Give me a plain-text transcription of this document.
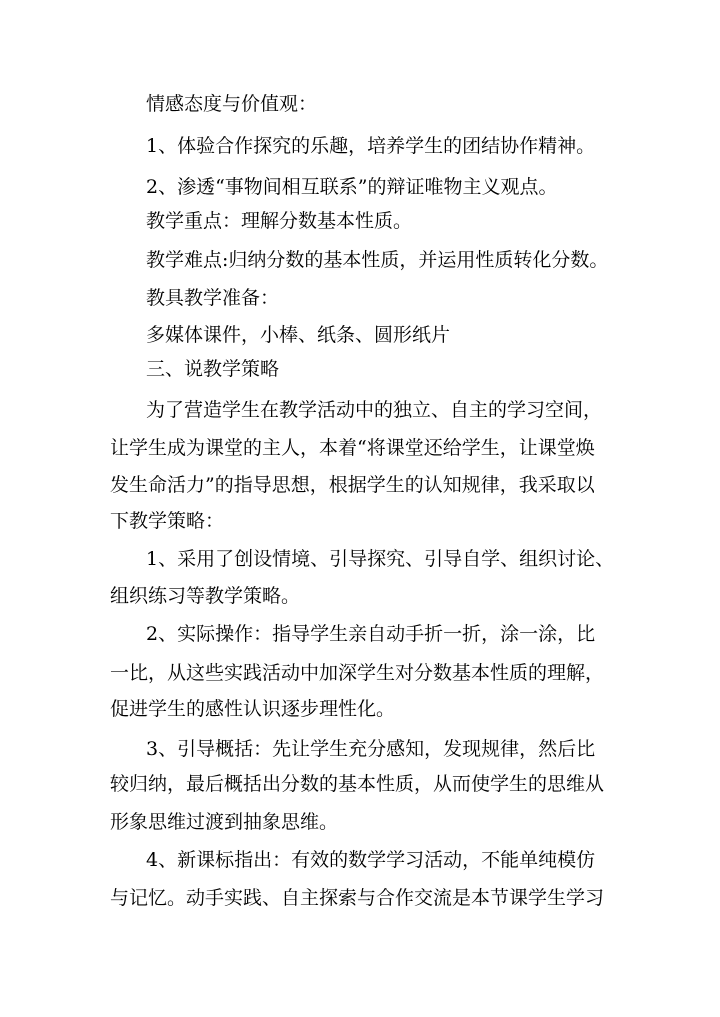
情感态度与价值观：
1、体验合作探究的乐趣，培养学生的团结协作精神。
2、渗透“事物间相互联系”的辩证唯物主义观点。
教学重点：理解分数基本性质。
教学难点:归纳分数的基本性质，并运用性质转化分数。
教具教学准备：
多媒体课件，小棒、纸条、圆形纸片
三、说教学策略
为了营造学生在教学活动中的独立、自主的学习空间，
让学生成为课堂的主人，本着“将课堂还给学生，让课堂焕
发生命活力”的指导思想，根据学生的认知规律，我采取以
下教学策略：
1、采用了创设情境、引导探究、引导自学、组织讨论、
组织练习等教学策略。
2、实际操作：指导学生亲自动手折一折，涂一涂，比
一比，从这些实践活动中加深学生对分数基本性质的理解，
促进学生的感性认识逐步理性化。
3、引导概括：先让学生充分感知，发现规律，然后比
较归纳，最后概括出分数的基本性质，从而使学生的思维从
形象思维过渡到抽象思维。
4、新课标指出：有效的数学学习活动，不能单纯模仿
与记忆。动手实践、自主探索与合作交流是本节课学生学习
